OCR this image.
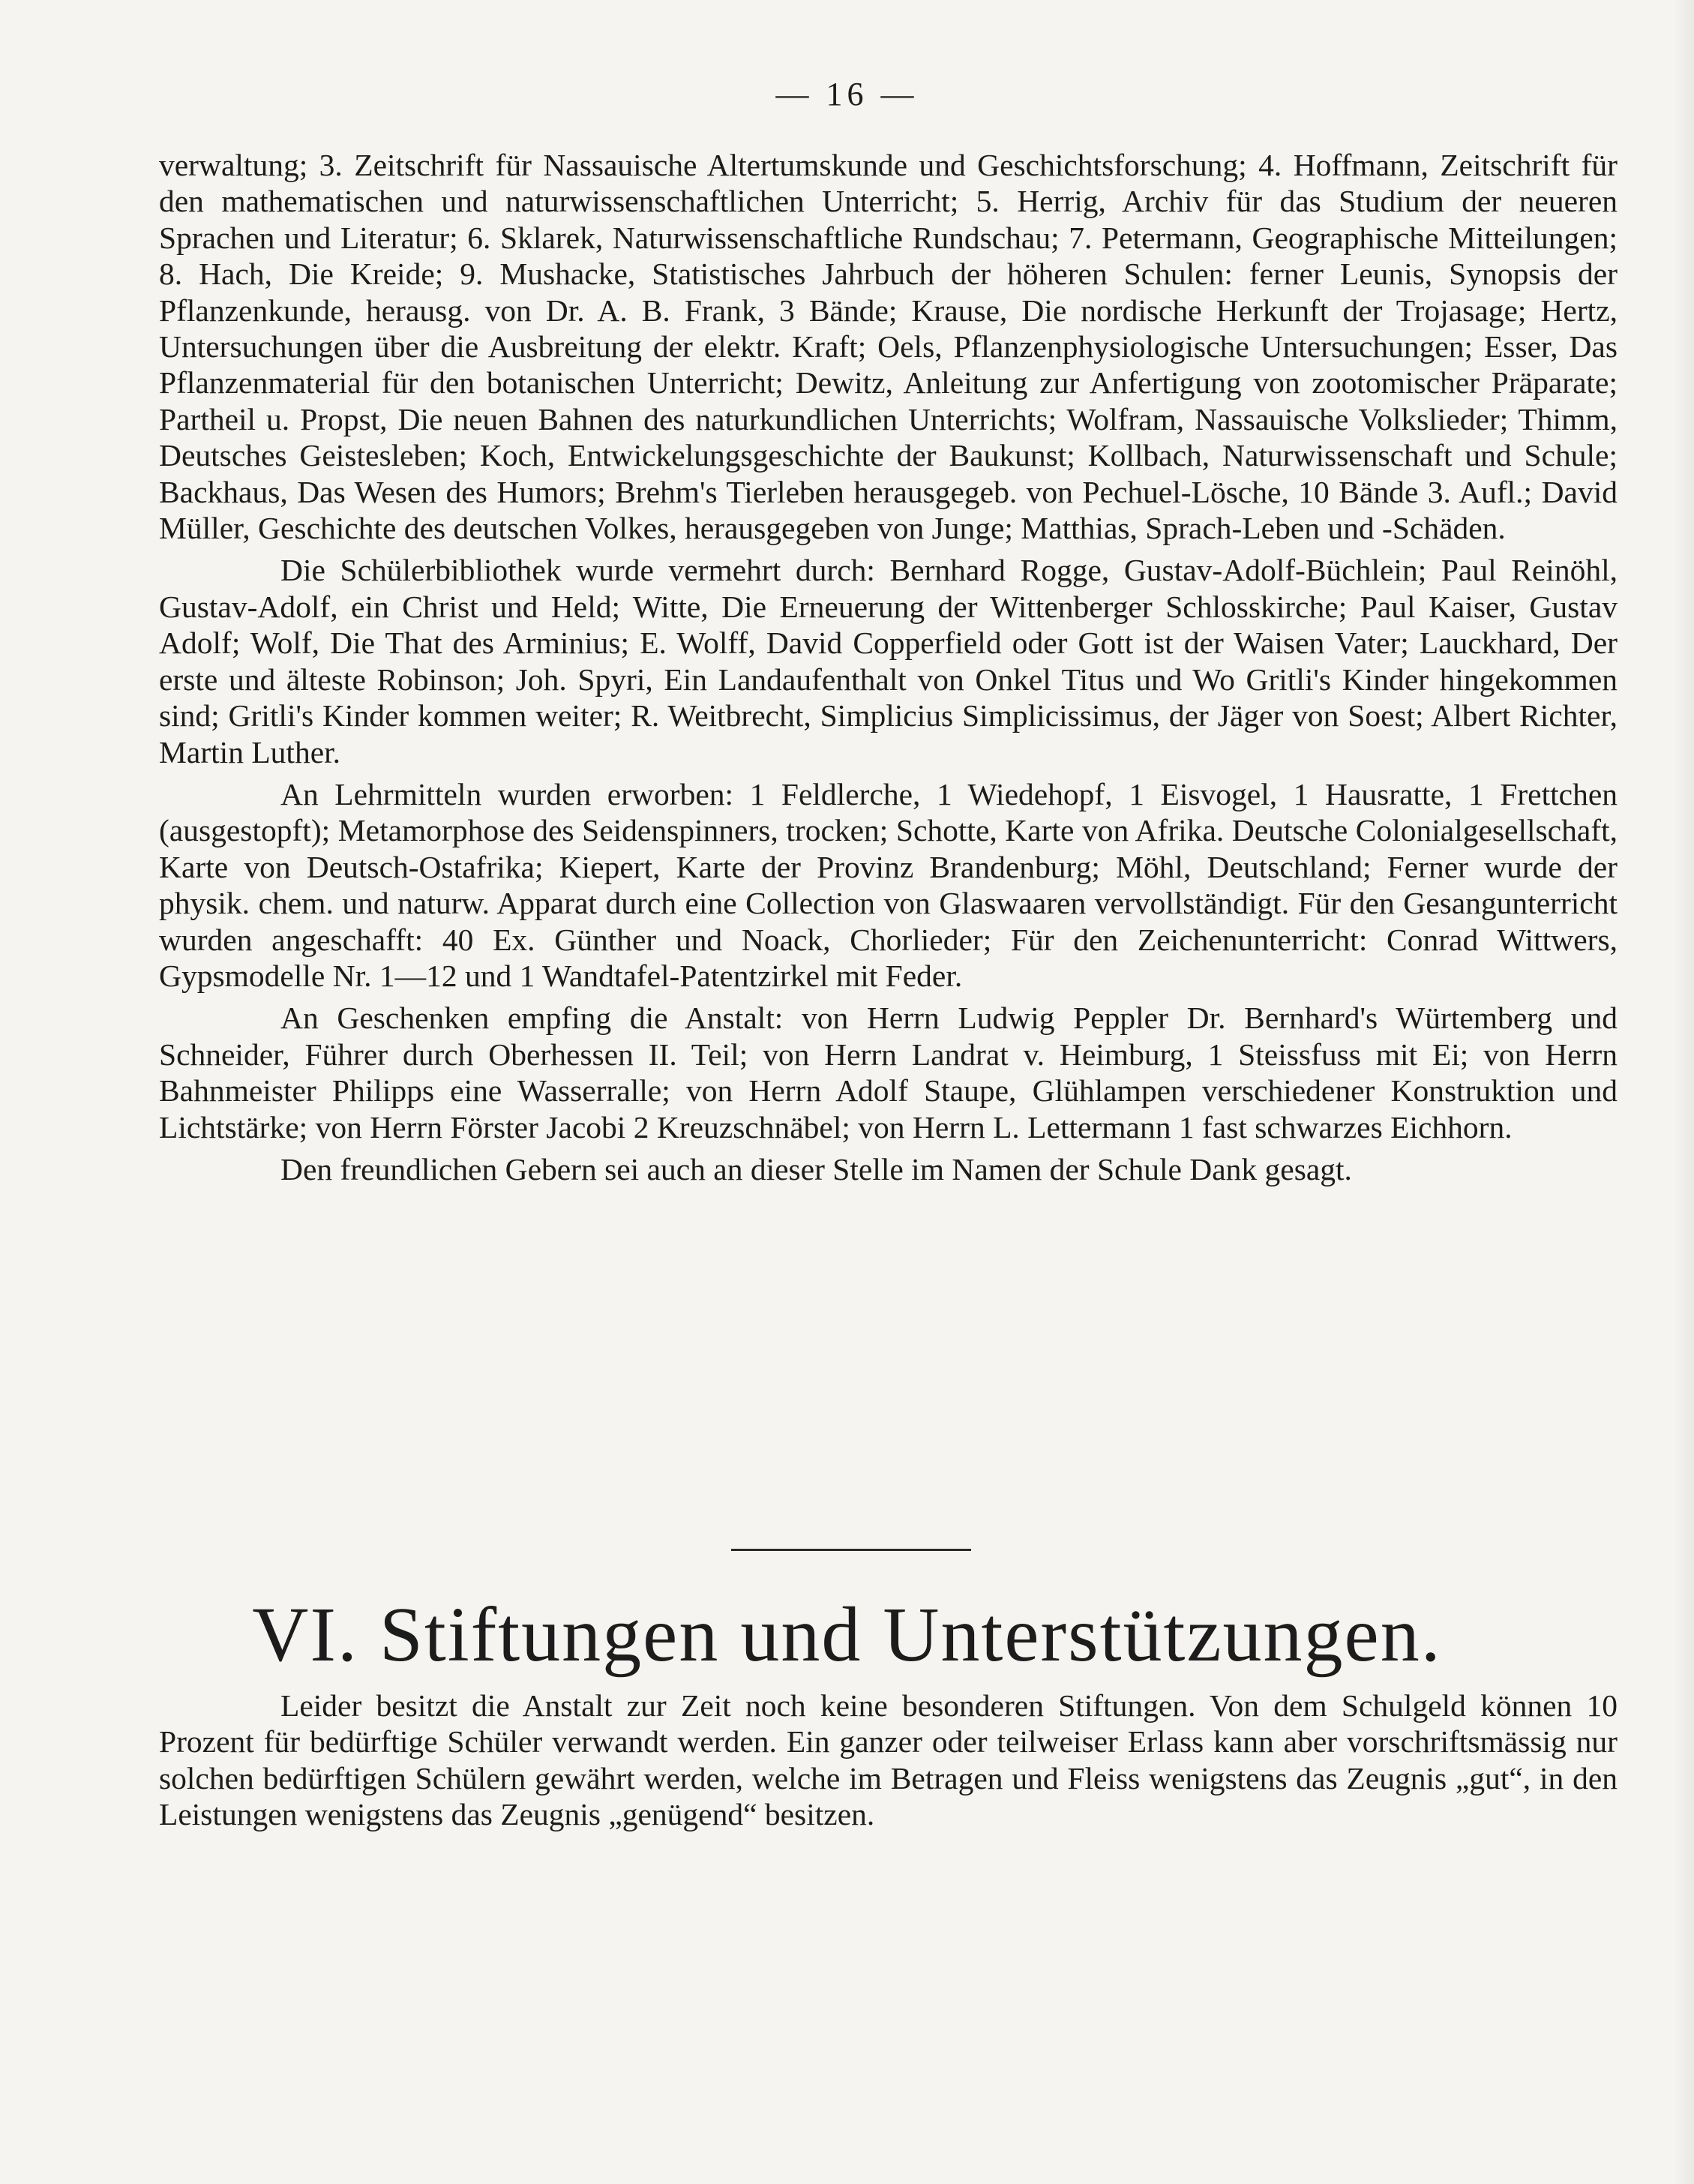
— 16 —

verwaltung; 3. Zeitschrift für Nassauische Altertumskunde und Geschichtsforschung; 4. Hoffmann, Zeitschrift für den mathematischen und naturwissenschaftlichen Unterricht; 5. Herrig, Archiv für das Studium der neueren Sprachen und Literatur; 6. Sklarek, Naturwissenschaftliche Rundschau; 7. Petermann, Geographische Mitteilungen; 8. Hach, Die Kreide; 9. Mushacke, Statistisches Jahrbuch der höheren Schulen: ferner Leunis, Synopsis der Pflanzenkunde, herausg. von Dr. A. B. Frank, 3 Bände; Krause, Die nordische Herkunft der Trojasage; Hertz, Untersuchungen über die Ausbreitung der elektr. Kraft; Oels, Pflanzenphysiologische Untersuchungen; Esser, Das Pflanzenmaterial für den botanischen Unterricht; Dewitz, Anleitung zur Anfertigung von zootomischer Präparate; Partheil u. Propst, Die neuen Bahnen des naturkundlichen Unterrichts; Wolfram, Nassauische Volkslieder; Thimm, Deutsches Geistesleben; Koch, Entwickelungsgeschichte der Baukunst; Kollbach, Naturwissenschaft und Schule; Backhaus, Das Wesen des Humors; Brehm's Tierleben herausgegeb. von Pechuel-Lösche, 10 Bände 3. Aufl.; David Müller, Geschichte des deutschen Volkes, herausgegeben von Junge; Matthias, Sprach-Leben und -Schäden.

Die Schülerbibliothek wurde vermehrt durch: Bernhard Rogge, Gustav-Adolf-Büchlein; Paul Reinöhl, Gustav-Adolf, ein Christ und Held; Witte, Die Erneuerung der Wittenberger Schlosskirche; Paul Kaiser, Gustav Adolf; Wolf, Die That des Arminius; E. Wolff, David Copperfield oder Gott ist der Waisen Vater; Lauckhard, Der erste und älteste Robinson; Joh. Spyri, Ein Landaufenthalt von Onkel Titus und Wo Gritli's Kinder hingekommen sind; Gritli's Kinder kommen weiter; R. Weitbrecht, Simplicius Simplicissimus, der Jäger von Soest; Albert Richter, Martin Luther.

An Lehrmitteln wurden erworben: 1 Feldlerche, 1 Wiedehopf, 1 Eisvogel, 1 Hausratte, 1 Frettchen (ausgestopft); Metamorphose des Seidenspinners, trocken; Schotte, Karte von Afrika. Deutsche Colonialgesellschaft, Karte von Deutsch-Ostafrika; Kiepert, Karte der Provinz Brandenburg; Möhl, Deutschland; Ferner wurde der physik. chem. und naturw. Apparat durch eine Collection von Glaswaaren vervollständigt. Für den Gesangunterricht wurden angeschafft: 40 Ex. Günther und Noack, Chorlieder; Für den Zeichenunterricht: Conrad Wittwers, Gypsmodelle Nr. 1—12 und 1 Wandtafel-Patentzirkel mit Feder.

An Geschenken empfing die Anstalt: von Herrn Ludwig Peppler Dr. Bernhard's Würtemberg und Schneider, Führer durch Oberhessen II. Teil; von Herrn Landrat v. Heimburg, 1 Steissfuss mit Ei; von Herrn Bahnmeister Philipps eine Wasserralle; von Herrn Adolf Staupe, Glühlampen verschiedener Konstruktion und Lichtstärke; von Herrn Förster Jacobi 2 Kreuzschnäbel; von Herrn L. Lettermann 1 fast schwarzes Eichhorn.

Den freundlichen Gebern sei auch an dieser Stelle im Namen der Schule Dank gesagt.

VI. Stiftungen und Unterstützungen.

Leider besitzt die Anstalt zur Zeit noch keine besonderen Stiftungen. Von dem Schulgeld können 10 Prozent für bedürftige Schüler verwandt werden. Ein ganzer oder teilweiser Erlass kann aber vorschriftsmässig nur solchen bedürftigen Schülern gewährt werden, welche im Betragen und Fleiss wenigstens das Zeugnis „gut“, in den Leistungen wenigstens das Zeugnis „genügend“ besitzen.
